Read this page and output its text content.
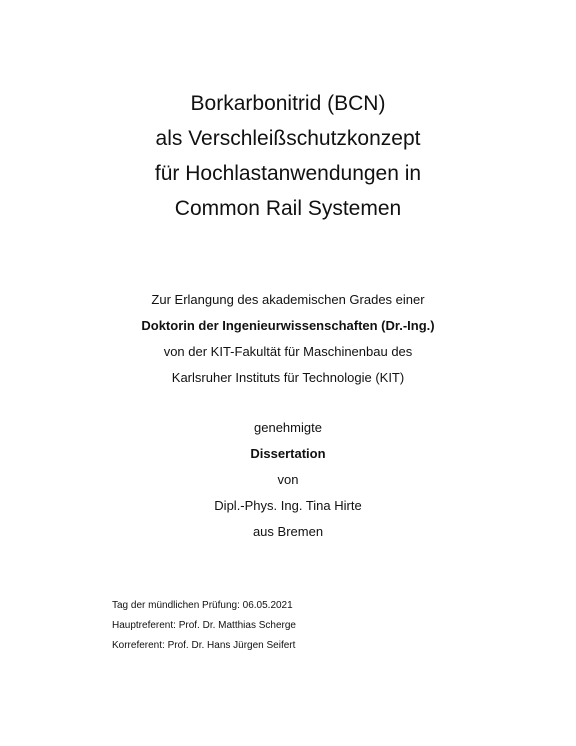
Borkarbonitrid (BCN)
als Verschleißschutzkonzept
für Hochlastanwendungen in
Common Rail Systemen
Zur Erlangung des akademischen Grades einer
Doktorin der Ingenieurwissenschaften (Dr.-Ing.)
von der KIT-Fakultät für Maschinenbau des
Karlsruher Instituts für Technologie (KIT)
genehmigte
Dissertation
von
Dipl.-Phys. Ing. Tina Hirte
aus Bremen
Tag der mündlichen Prüfung: 06.05.2021
Hauptreferent: Prof. Dr. Matthias Scherge
Korreferent: Prof. Dr. Hans Jürgen Seifert
